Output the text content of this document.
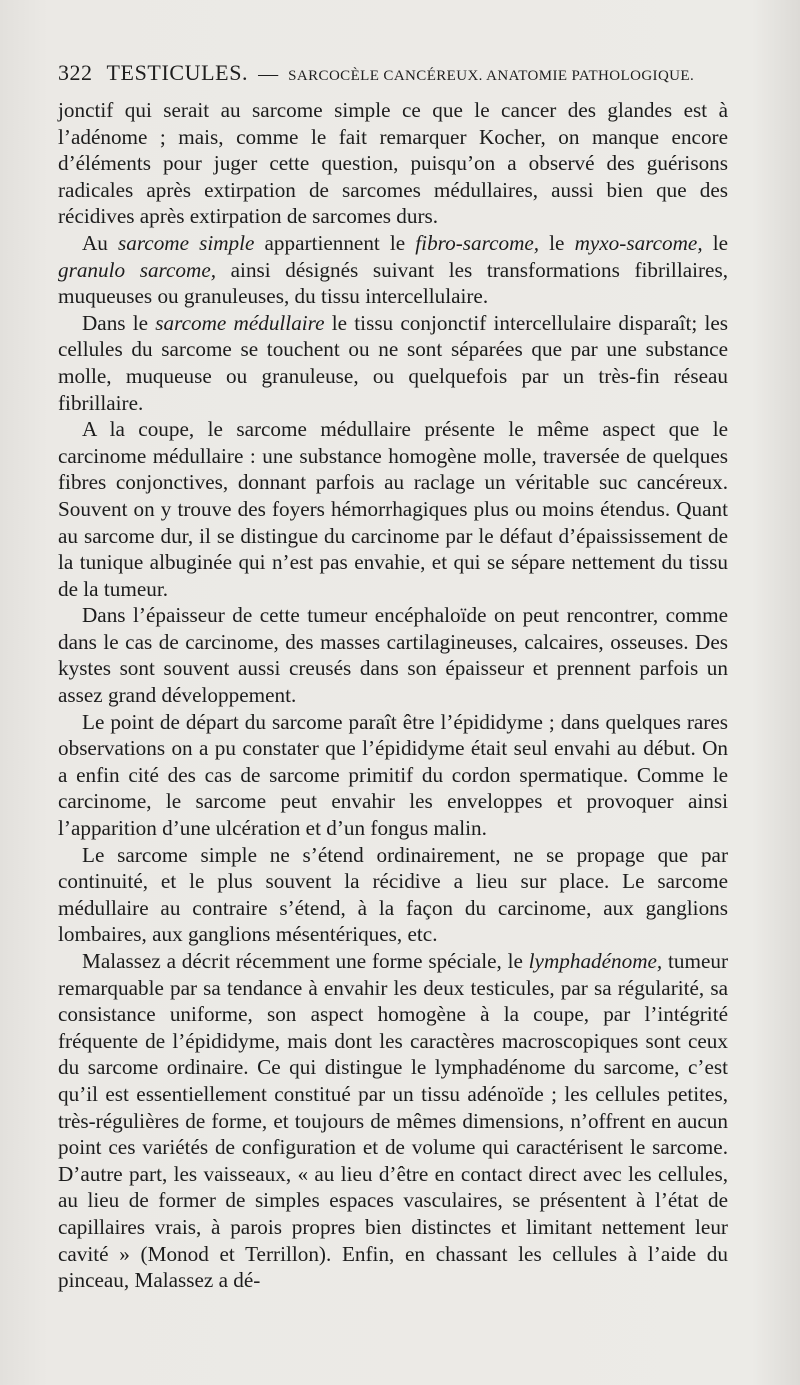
322 TESTICULES. — SARCOCÈLE CANCÉREUX. ANATOMIE PATHOLOGIQUE.

jonctif qui serait au sarcome simple ce que le cancer des glandes est à l’adénome ; mais, comme le fait remarquer Kocher, on manque encore d’éléments pour juger cette question, puisqu’on a observé des guérisons radicales après extirpation de sarcomes médullaires, aussi bien que des récidives après extirpation de sarcomes durs.

Au sarcome simple appartiennent le fibro-sarcome, le myxo-sarcome, le granulo sarcome, ainsi désignés suivant les transformations fibrillaires, muqueuses ou granuleuses, du tissu intercellulaire.

Dans le sarcome médullaire le tissu conjonctif intercellulaire disparaît; les cellules du sarcome se touchent ou ne sont séparées que par une substance molle, muqueuse ou granuleuse, ou quelquefois par un très-fin réseau fibrillaire.

A la coupe, le sarcome médullaire présente le même aspect que le carcinome médullaire : une substance homogène molle, traversée de quelques fibres conjonctives, donnant parfois au raclage un véritable suc cancéreux. Souvent on y trouve des foyers hémorrhagiques plus ou moins étendus. Quant au sarcome dur, il se distingue du carcinome par le défaut d’épaississement de la tunique albuginée qui n’est pas envahie, et qui se sépare nettement du tissu de la tumeur.

Dans l’épaisseur de cette tumeur encéphaloïde on peut rencontrer, comme dans le cas de carcinome, des masses cartilagineuses, calcaires, osseuses. Des kystes sont souvent aussi creusés dans son épaisseur et prennent parfois un assez grand développement.

Le point de départ du sarcome paraît être l’épididyme ; dans quelques rares observations on a pu constater que l’épididyme était seul envahi au début. On a enfin cité des cas de sarcome primitif du cordon spermatique. Comme le carcinome, le sarcome peut envahir les enveloppes et provoquer ainsi l’apparition d’une ulcération et d’un fongus malin.

Le sarcome simple ne s’étend ordinairement, ne se propage que par continuité, et le plus souvent la récidive a lieu sur place. Le sarcome médullaire au contraire s’étend, à la façon du carcinome, aux ganglions lombaires, aux ganglions mésentériques, etc.

Malassez a décrit récemment une forme spéciale, le lymphadénome, tumeur remarquable par sa tendance à envahir les deux testicules, par sa régularité, sa consistance uniforme, son aspect homogène à la coupe, par l’intégrité fréquente de l’épididyme, mais dont les caractères macroscopiques sont ceux du sarcome ordinaire. Ce qui distingue le lymphadénome du sarcome, c’est qu’il est essentiellement constitué par un tissu adénoïde ; les cellules petites, très-régulières de forme, et toujours de mêmes dimensions, n’offrent en aucun point ces variétés de configuration et de volume qui caractérisent le sarcome. D’autre part, les vaisseaux, « au lieu d’être en contact direct avec les cellules, au lieu de former de simples espaces vasculaires, se présentent à l’état de capillaires vrais, à parois propres bien distinctes et limitant nettement leur cavité » (Monod et Terrillon). Enfin, en chassant les cellules à l’aide du pinceau, Malassez a dé-
